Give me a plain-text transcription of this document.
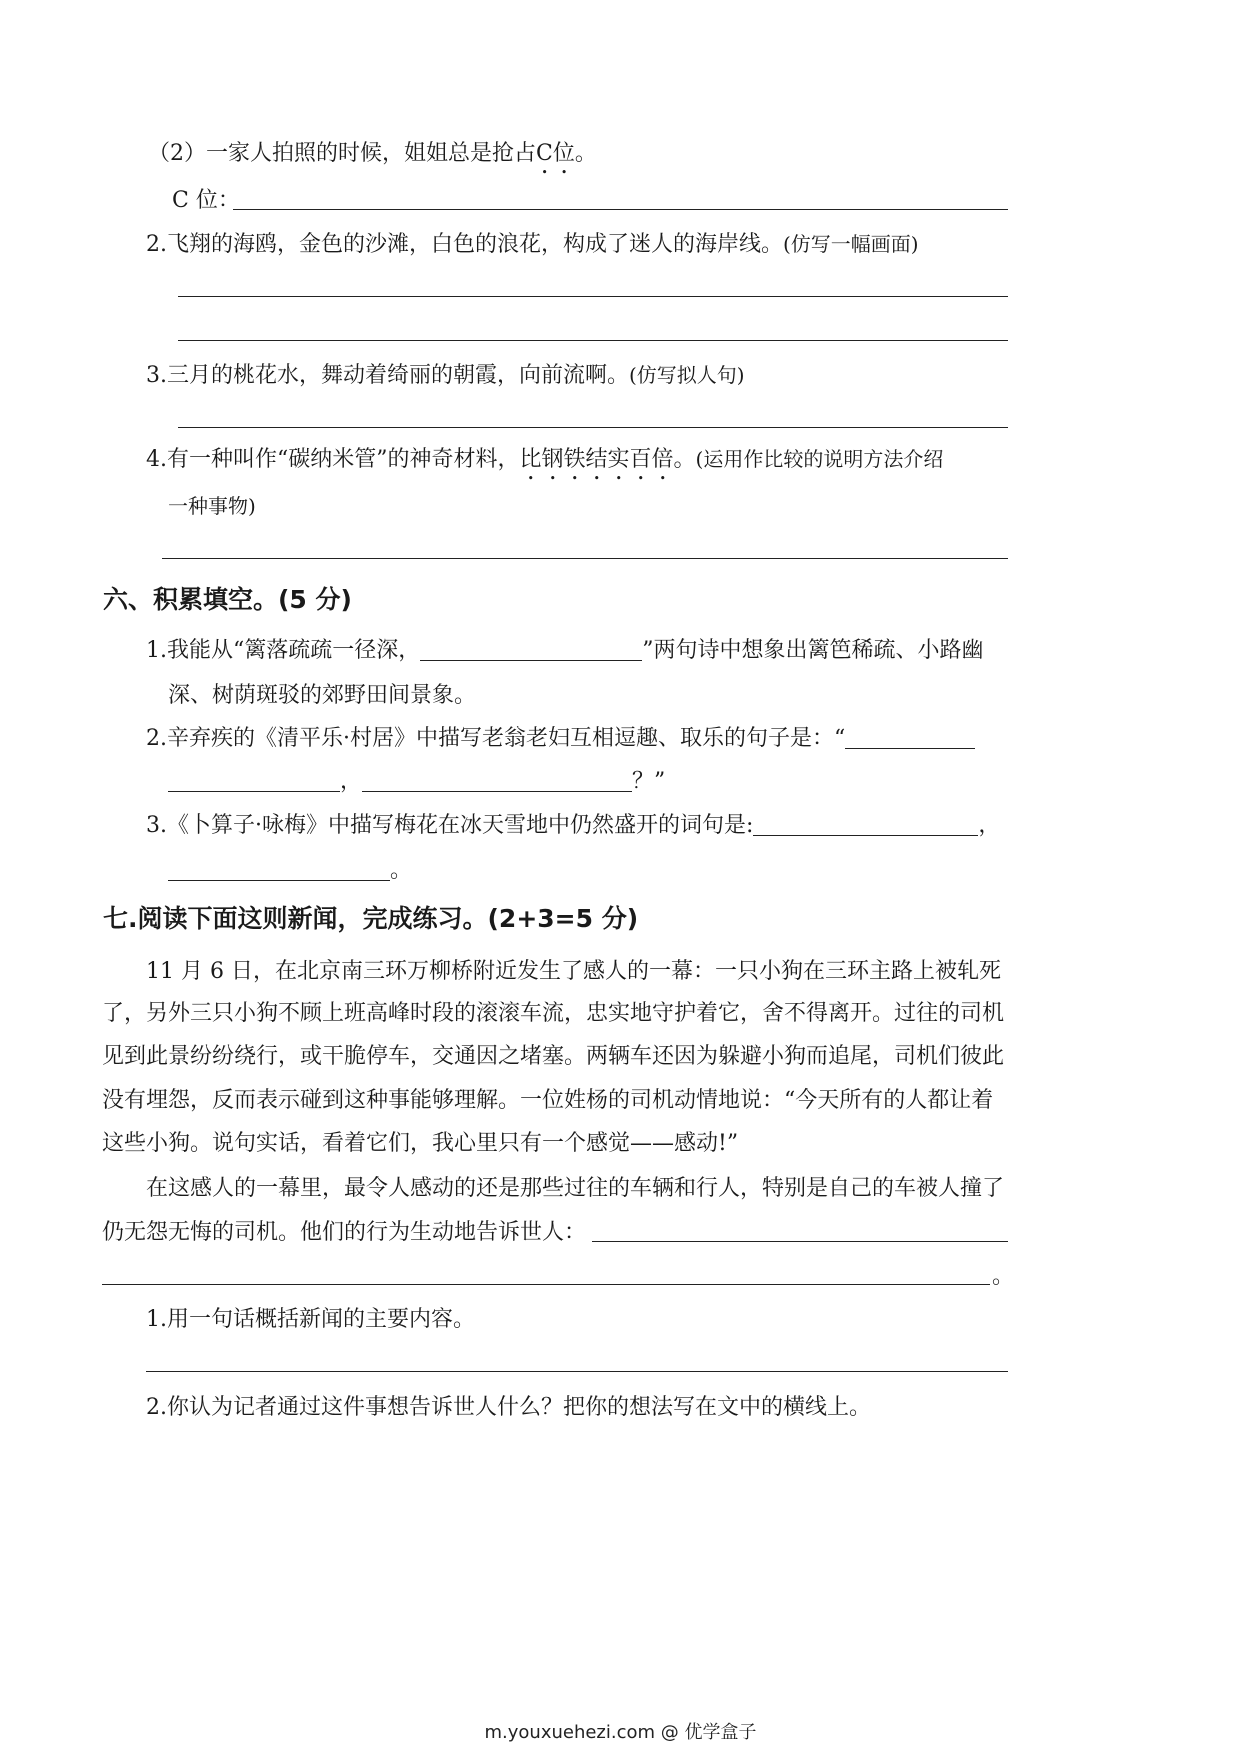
（2）一家人拍照的时候，姐姐总是抢占C位。
C 位：
2.飞翔的海鸥，金色的沙滩，白色的浪花，构成了迷人的海岸线。(仿写一幅画面)
3.三月的桃花水，舞动着绮丽的朝霞，向前流啊。(仿写拟人句)
4.有一种叫作“碳纳米管”的神奇材料，比钢铁结实百倍。(运用作比较的说明方法介绍
一种事物)
六、积累填空。(5 分)
1.我能从“篱落疏疏一径深，	”两句诗中想象出篱笆稀疏、小路幽
深、树荫斑驳的郊野田间景象。
2.辛弃疾的《清平乐·村居》中描写老翁老妇互相逗趣、取乐的句子是：“
，	？”
3.《卜算子·咏梅》中描写梅花在冰天雪地中仍然盛开的词句是:	，
。
七.阅读下面这则新闻，完成练习。(2+3=5 分)
11 月 6 日，在北京南三环万柳桥附近发生了感人的一幕：一只小狗在三环主路上被轧死
了，另外三只小狗不顾上班高峰时段的滚滚车流，忠实地守护着它，舍不得离开。过往的司机
见到此景纷纷绕行，或干脆停车，交通因之堵塞。两辆车还因为躲避小狗而追尾，司机们彼此
没有埋怨，反而表示碰到这种事能够理解。一位姓杨的司机动情地说：“今天所有的人都让着
这些小狗。说句实话，看着它们，我心里只有一个感觉——感动!”
在这感人的一幕里，最令人感动的还是那些过往的车辆和行人，特别是自己的车被人撞了
仍无怨无悔的司机。他们的行为生动地告诉世人：
。
1.用一句话概括新闻的主要内容。
2.你认为记者通过这件事想告诉世人什么？把你的想法写在文中的横线上。
m.youxuehezi.com @ 优学盒子
